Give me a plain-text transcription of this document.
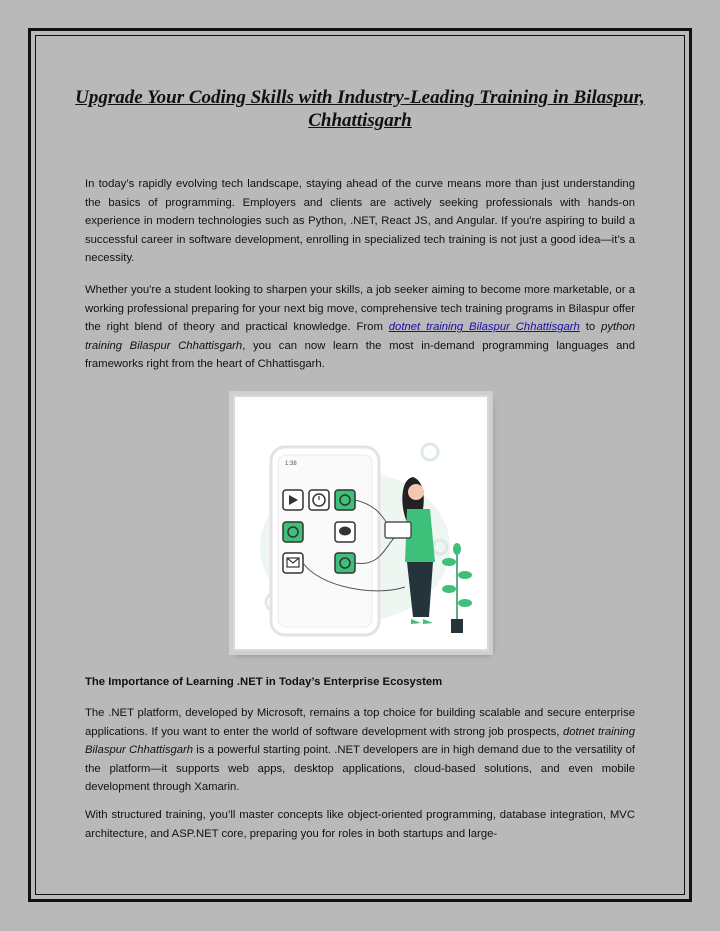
Upgrade Your Coding Skills with Industry-Leading Training in Bilaspur, Chhattisgarh

In today’s rapidly evolving tech landscape, staying ahead of the curve means more than just understanding the basics of programming. Employers and clients are actively seeking professionals with hands-on experience in modern technologies such as Python, .NET, React JS, and Angular. If you're aspiring to build a successful career in software development, enrolling in specialized tech training is not just a good idea—it’s a necessity.

Whether you're a student looking to sharpen your skills, a job seeker aiming to become more marketable, or a working professional preparing for your next big move, comprehensive tech training programs in Bilaspur offer the right blend of theory and practical knowledge. From dotnet training Bilaspur Chhattisgarh to python training Bilaspur Chhattisgarh, you can now learn the most in-demand programming languages and frameworks right from the heart of Chhattisgarh.

1:38
The Importance of Learning .NET in Today’s Enterprise Ecosystem

The .NET platform, developed by Microsoft, remains a top choice for building scalable and secure enterprise applications. If you want to enter the world of software development with strong job prospects, dotnet training Bilaspur Chhattisgarh is a powerful starting point. .NET developers are in high demand due to the versatility of the platform—it supports web apps, desktop applications, cloud-based solutions, and even mobile development through Xamarin.

With structured training, you’ll master concepts like object-oriented programming, database integration, MVC architecture, and ASP.NET core, preparing you for roles in both startups and large-
